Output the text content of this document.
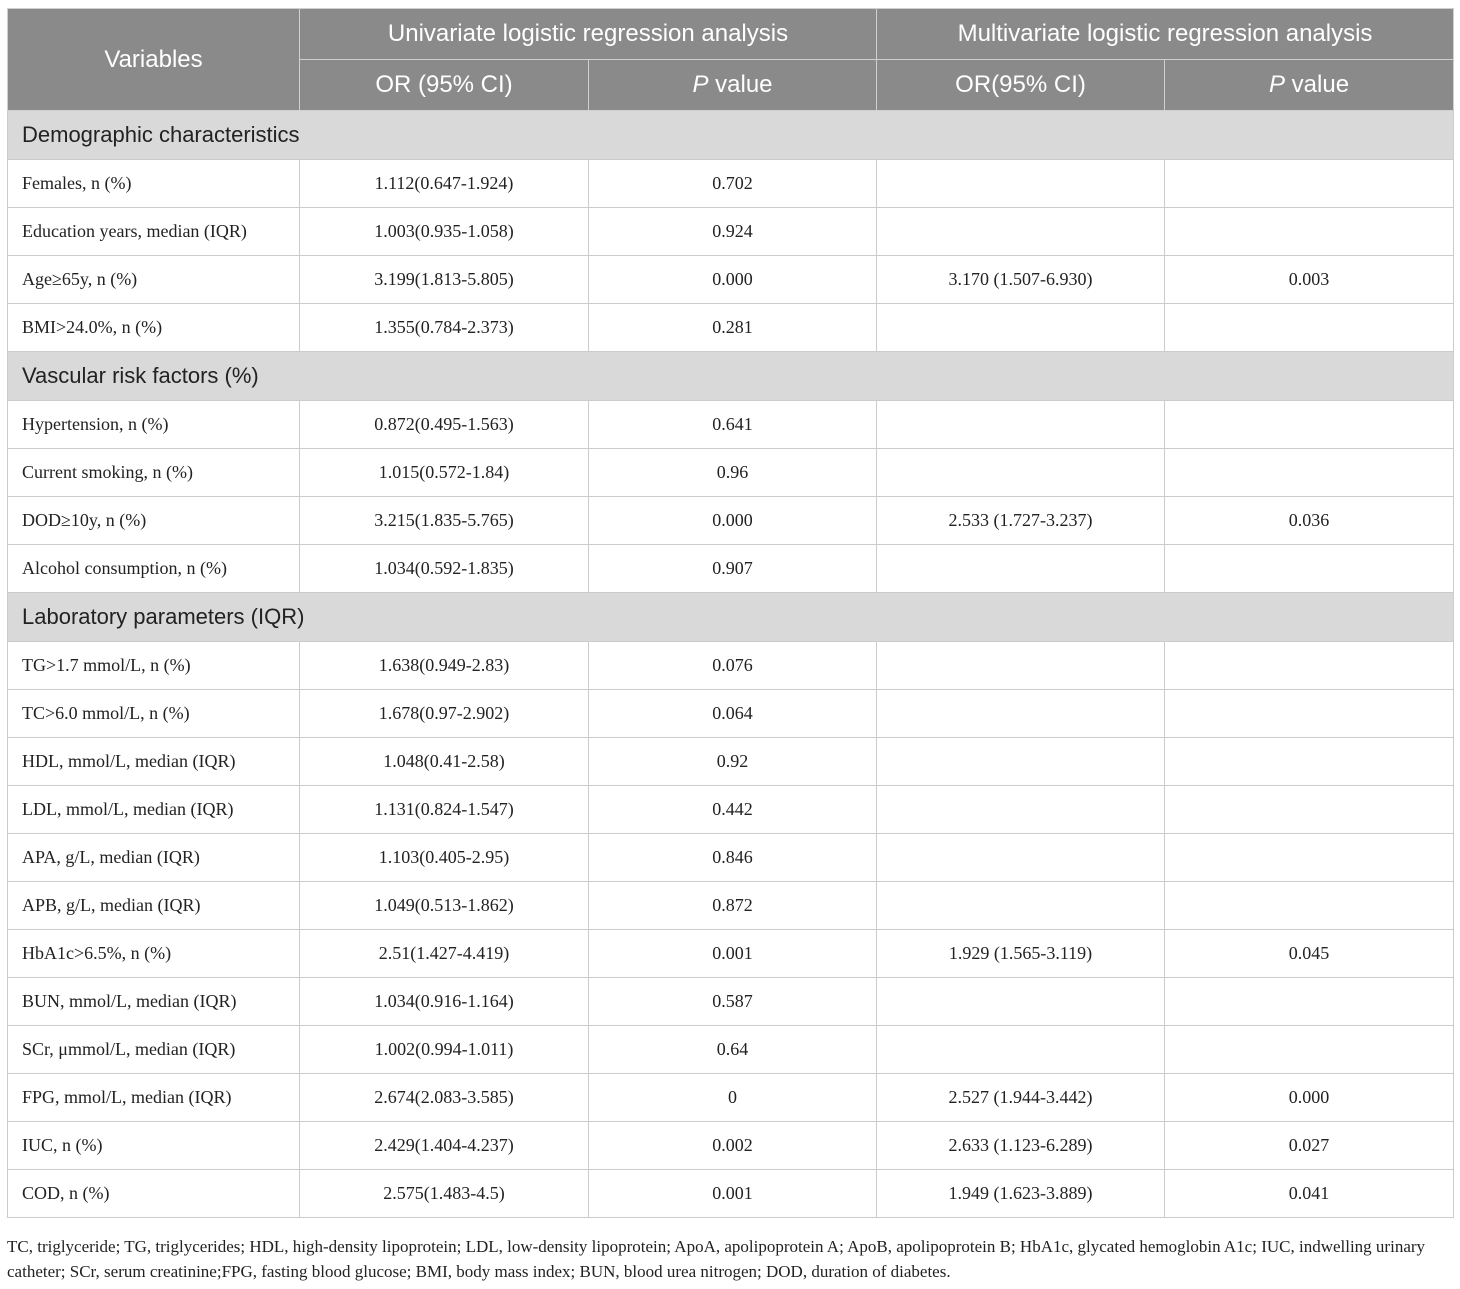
Variables	Univariate logistic regression analysis		Multivariate logistic regression analysis	
	OR (95% CI)	P value	OR(95% CI)	P value
Demographic characteristics				
Females, n (%)	1.112(0.647-1.924)	0.702		
Education years, median (IQR)	1.003(0.935-1.058)	0.924		
Age≥65y, n (%)	3.199(1.813-5.805)	0.000	3.170 (1.507-6.930)	0.003
BMI>24.0%, n (%)	1.355(0.784-2.373)	0.281		
Vascular risk factors (%)				
Hypertension, n (%)	0.872(0.495-1.563)	0.641		
Current smoking, n (%)	1.015(0.572-1.84)	0.96		
DOD≥10y, n (%)	3.215(1.835-5.765)	0.000	2.533 (1.727-3.237)	0.036
Alcohol consumption, n (%)	1.034(0.592-1.835)	0.907		
Laboratory parameters (IQR)				
TG>1.7 mmol/L, n (%)	1.638(0.949-2.83)	0.076		
TC>6.0 mmol/L, n (%)	1.678(0.97-2.902)	0.064		
HDL, mmol/L, median (IQR)	1.048(0.41-2.58)	0.92		
LDL, mmol/L, median (IQR)	1.131(0.824-1.547)	0.442		
APA, g/L, median (IQR)	1.103(0.405-2.95)	0.846		
APB, g/L, median (IQR)	1.049(0.513-1.862)	0.872		
HbA1c>6.5%, n (%)	2.51(1.427-4.419)	0.001	1.929 (1.565-3.119)	0.045
BUN, mmol/L, median (IQR)	1.034(0.916-1.164)	0.587		
SCr, μmmol/L, median (IQR)	1.002(0.994-1.011)	0.64		
FPG, mmol/L, median (IQR)	2.674(2.083-3.585)	0	2.527 (1.944-3.442)	0.000
IUC, n (%)	2.429(1.404-4.237)	0.002	2.633 (1.123-6.289)	0.027
COD, n (%)	2.575(1.483-4.5)	0.001	1.949 (1.623-3.889)	0.041
TC, triglyceride; TG, triglycerides; HDL, high-density lipoprotein; LDL, low-density lipoprotein; ApoA, apolipoprotein A; ApoB, apolipoprotein B; HbA1c, glycated hemoglobin A1c; IUC, indwelling urinary catheter; SCr, serum creatinine;FPG, fasting blood glucose; BMI, body mass index; BUN, blood urea nitrogen; DOD, duration of diabetes.
